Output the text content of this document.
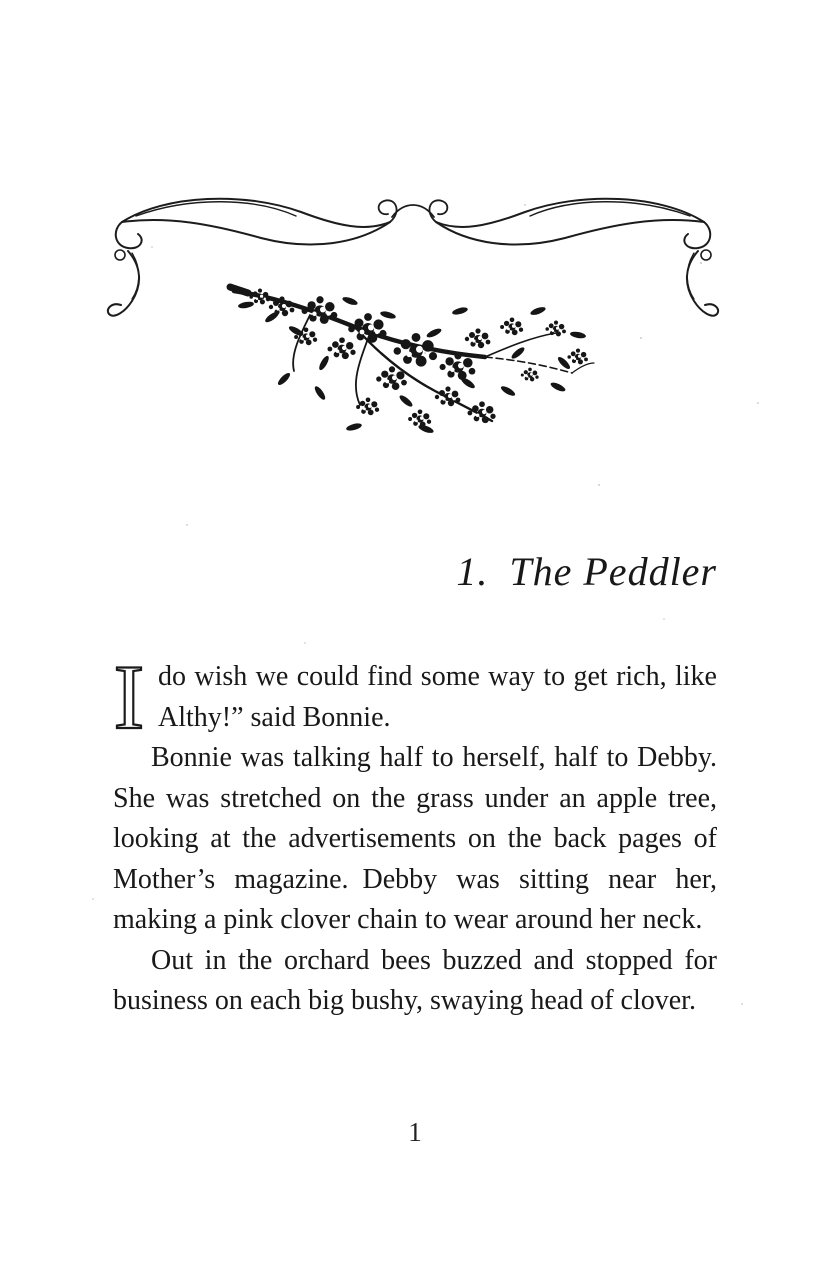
1. The Peddler

I do wish we could find some way to get rich, like Althy!” said Bonnie.

Bonnie was talking half to herself, half to Debby. She was stretched on the grass under an apple tree, looking at the advertisements on the back pages of Mother’s magazine. Debby was sitting near her, making a pink clover chain to wear around her neck.

Out in the orchard bees buzzed and stopped for business on each big bushy, swaying head of clover.

1
